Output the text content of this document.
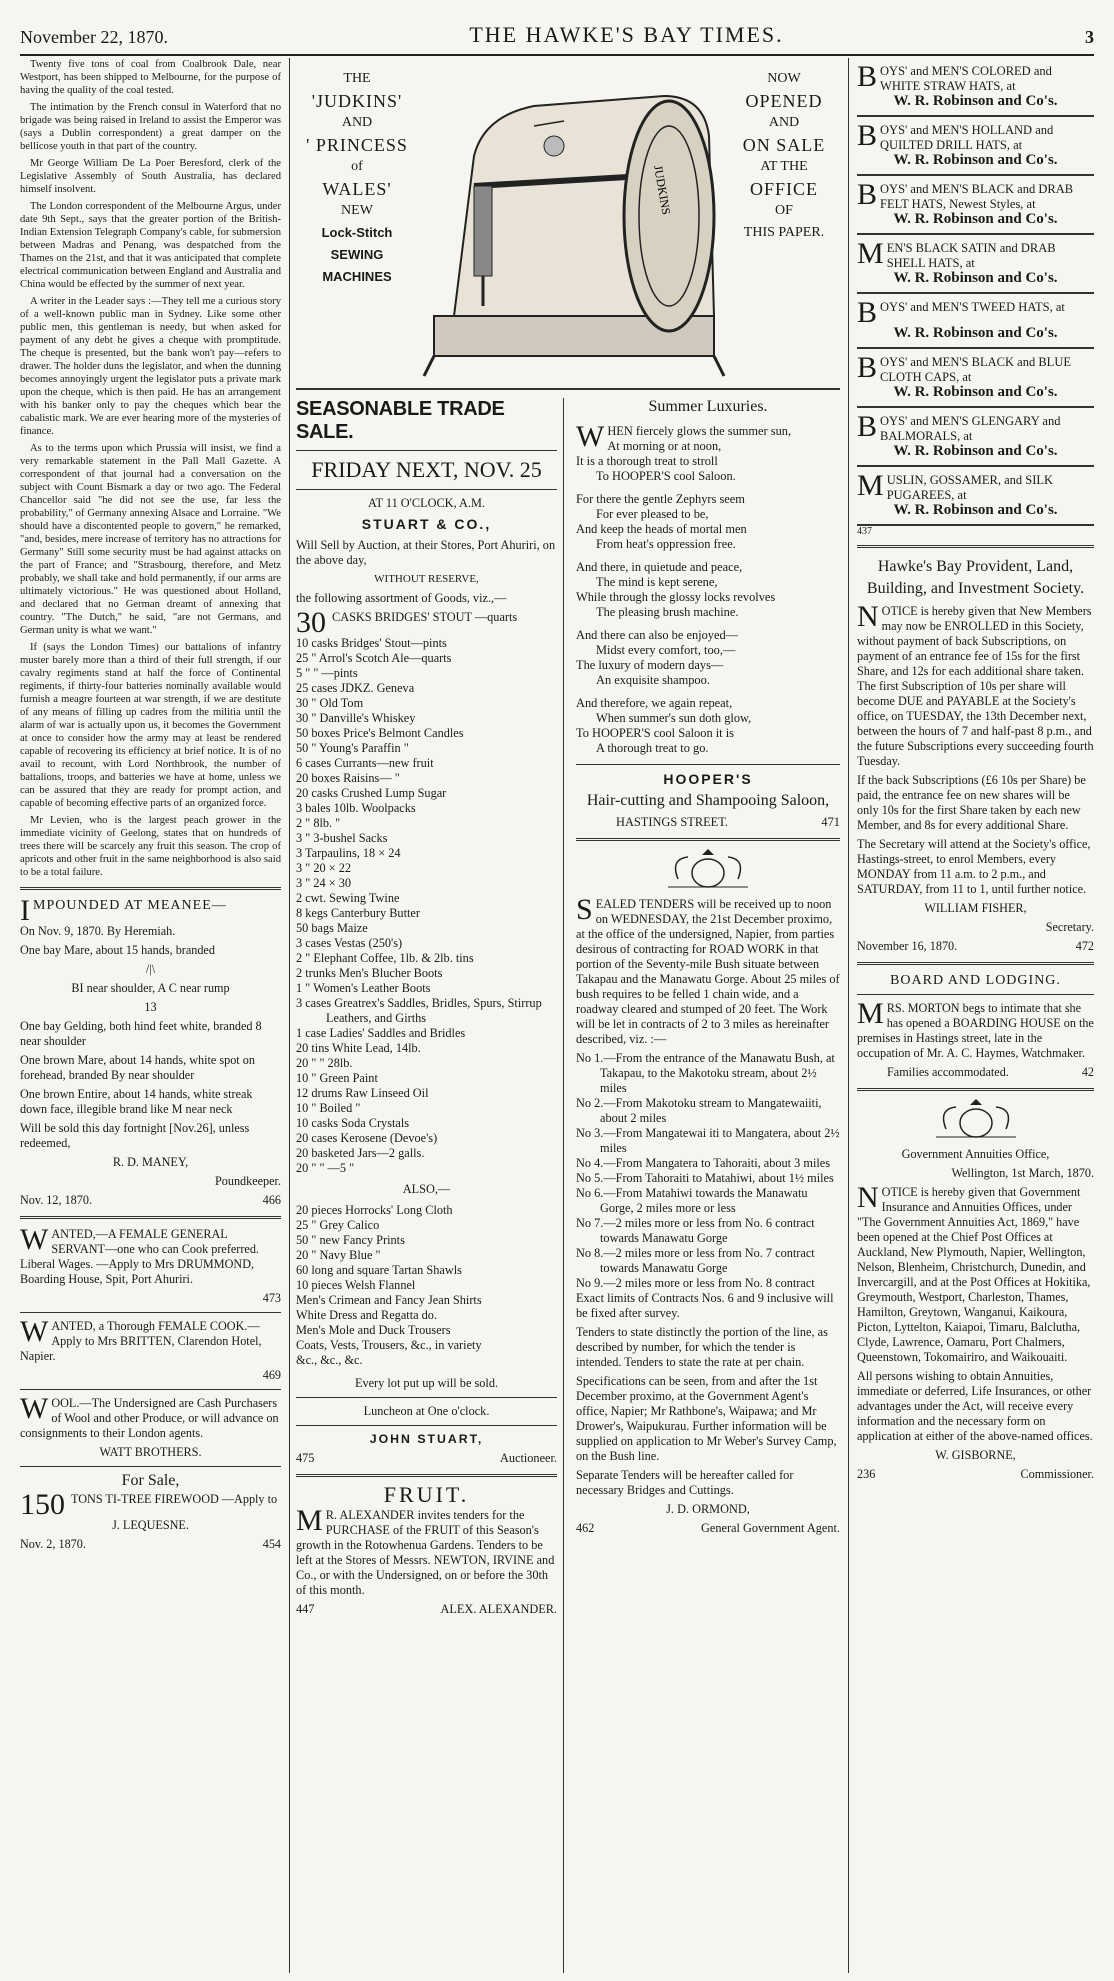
November 22, 1870.	THE HAWKE'S BAY TIMES.	3

Twenty five tons of coal from Coalbrook Dale, near Westport, has been shipped to Melbourne, for the purpose of having the quality of the coal tested.

The intimation by the French consul in Waterford that no brigade was being raised in Ireland to assist the Emperor was (says a Dublin correspondent) a great damper on the bellicose youth in that part of the country.

Mr George William De La Poer Beresford, clerk of the Legislative Assembly of South Australia, has declared himself insolvent.

The London correspondent of the Melbourne Argus, under date 9th Sept., says that the greater portion of the British-Indian Extension Telegraph Company's cable, for submersion between Madras and Penang, was despatched from the Thames on the 21st, and that it was anticipated that complete electrical communication between England and Australia and China would be effected by the summer of next year.

A writer in the Leader says :—They tell me a curious story of a well-known public man in Sydney. Like some other public men, this gentleman is needy, but when asked for payment of any debt he gives a cheque with promptitude. The cheque is presented, but the bank won't pay—refers to drawer. The holder duns the legislator, and when the dunning becomes annoyingly urgent the legislator puts a private mark upon the cheque, which is then paid. He has an arrangement with his banker only to pay the cheques which bear the cabalistic mark. We are ever hearing more of the mysteries of finance.

As to the terms upon which Prussia will insist, we find a very remarkable statement in the Pall Mall Gazette. A correspondent of that journal had a conversation on the subject with Count Bismark a day or two ago. The Federal Chancellor said "he did not see the use, far less the probability," of Germany annexing Alsace and Lorraine. "We should have a discontented people to govern," he remarked, "and, besides, mere increase of territory has no attractions for Germany" Still some security must be had against attacks on the part of France; and "Strasbourg, therefore, and Metz probably, we shall take and hold permanently, if our arms are ultimately victorious." He was questioned about Holland, and declared that no German dreamt of annexing that country. "The Dutch," he said, "are not Germans, and German unity is what we want."

If (says the London Times) our battalions of infantry muster barely more than a third of their full strength, if our cavalry regiments stand at half the force of Continental regiments, if thirty-four batteries nominally available would furnish a meagre fourteen at war strength, if we are destitute of any means of filling up cadres from the militia until the alarm of war is actually upon us, it becomes the Government at once to consider how the army may at least be rendered capable of recovering its efficiency at brief notice. It is of no avail to recount, with Lord Northbrook, the number of battalions, troops, and batteries we have at home, unless we can be assured that they are ready for prompt action, and capable of becoming effective parts of an organized force.

Mr Levien, who is the largest peach grower in the immediate vicinity of Geelong, states that on hundreds of trees there will be scarcely any fruit this season. The crop of apricots and other fruit in the same neighborhood is also said to be a total failure.

IMPOUNDED AT MEANEE—

On Nov. 9, 1870. By Heremiah.

One bay Mare, about 15 hands, branded

/|\

BI near shoulder, A C near rump

13

One bay Gelding, both hind feet white, branded 8 near shoulder

One brown Mare, about 14 hands, white spot on forehead, branded By near shoulder

One brown Entire, about 14 hands, white streak down face, illegible brand like M near neck

Will be sold this day fortnight [Nov.26], unless redeemed,

R. D. MANEY,

Poundkeeper.

Nov. 12, 1870.	466

WANTED,—A FEMALE GENERAL SERVANT—one who can Cook preferred. Liberal Wages. —Apply to Mrs DRUMMOND, Boarding House, Spit, Port Ahuriri.

473

WANTED, a Thorough FEMALE COOK.—Apply to Mrs BRITTEN, Clarendon Hotel, Napier.

469

WOOL.—The Undersigned are Cash Purchasers of Wool and other Produce, or will advance on consignments to their London agents.

WATT BROTHERS.

For Sale,

150 TONS TI-TREE FIREWOOD —Apply to

J. LEQUESNE.

Nov. 2, 1870.	454
THE
'JUDKINS'
AND
' PRINCESS
of
WALES'
NEW
Lock-Stitch
SEWING
MACHINES
JUDKINS
NOW
OPENED
AND
ON SALE
AT THE
OFFICE
OF
THIS PAPER.
SEASONABLE TRADE SALE.
FRIDAY NEXT, NOV. 25

AT 11 O'CLOCK, A.M.

STUART & CO.,

Will Sell by Auction, at their Stores, Port Ahuriri, on the above day,

WITHOUT RESERVE,

the following assortment of Goods, viz.,—

30 CASKS BRIDGES' STOUT —quarts

10 casks Bridges' Stout—pints
25 " Arrol's Scotch Ale—quarts
5 " " —pints
25 cases JDKZ. Geneva
30 " Old Tom
30 " Danville's Whiskey
50 boxes Price's Belmont Candles
50 " Young's Paraffin "
6 cases Currants—new fruit
20 boxes Raisins— "
20 casks Crushed Lump Sugar
3 bales 10lb. Woolpacks
2 " 8lb. "
3 " 3-bushel Sacks
3 Tarpaulins, 18 × 24
3 " 20 × 22
3 " 24 × 30
2 cwt. Sewing Twine
8 kegs Canterbury Butter
50 bags Maize
3 cases Vestas (250's)
2 " Elephant Coffee, 1lb. & 2lb. tins
2 trunks Men's Blucher Boots
1 " Women's Leather Boots
3 cases Greatrex's Saddles, Bridles, Spurs, Stirrup Leathers, and Girths
1 case Ladies' Saddles and Bridles
20 tins White Lead, 14lb.
20 " " 28lb.
10 " Green Paint
12 drums Raw Linseed Oil
10 " Boiled "
10 casks Soda Crystals
20 cases Kerosene (Devoe's)
20 basketed Jars—2 galls.
20 " " —5 "

ALSO,—

20 pieces Horrocks' Long Cloth
25 " Grey Calico
50 " new Fancy Prints
20 " Navy Blue "
60 long and square Tartan Shawls
10 pieces Welsh Flannel
Men's Crimean and Fancy Jean Shirts
White Dress and Regatta do.
Men's Mole and Duck Trousers
Coats, Vests, Trousers, &c., in variety
&c., &c., &c.

Every lot put up will be sold.

Luncheon at One o'clock.

JOHN STUART,

475	Auctioneer.
FRUIT.

M R. ALEXANDER invites tenders for the PURCHASE of the FRUIT of this Season's growth in the Rotowhenua Gardens. Tenders to be left at the Stores of Messrs. NEWTON, IRVINE and Co., or with the Undersigned, on or before the 30th of this month.

447	ALEX. ALEXANDER.

Summer Luxuries.

W HEN fiercely glows the summer sun,
At morning or at noon,
It is a thorough treat to stroll
To HOOPER'S cool Saloon.
For there the gentle Zephyrs seem
For ever pleased to be,
And keep the heads of mortal men
From heat's oppression free.
And there, in quietude and peace,
The mind is kept serene,
While through the glossy locks revolves
The pleasing brush machine.
And there can also be enjoyed—
Midst every comfort, too,—
The luxury of modern days—
An exquisite shampoo.
And therefore, we again repeat,
When summer's sun doth glow,
To HOOPER'S cool Saloon it is
A thorough treat to go.

HOOPER'S

Hair-cutting and Shampooing Saloon,

HASTINGS STREET.	471

SEALED TENDERS will be received up to noon on WEDNESDAY, the 21st December proximo, at the office of the undersigned, Napier, from parties desirous of contracting for ROAD WORK in that portion of the Seventy-mile Bush situate between Takapau and the Manawatu Gorge. About 25 miles of bush requires to be felled 1 chain wide, and a roadway cleared and stumped of 20 feet. The Work will be let in contracts of 2 to 3 miles as hereinafter described, viz. :—

No 1.—From the entrance of the Manawatu Bush, at Takapau, to the Makotoku stream, about 2½ miles
No 2.—From Makotoku stream to Mangatewaiiti, about 2 miles
No 3.—From Mangatewai iti to Mangatera, about 2½ miles
No 4.—From Mangatera to Tahoraiti, about 3 miles
No 5.—From Tahoraiti to Matahiwi, about 1½ miles
No 6.—From Matahiwi towards the Manawatu Gorge, 2 miles more or less
No 7.—2 miles more or less from No. 6 contract towards Manawatu Gorge
No 8.—2 miles more or less from No. 7 contract towards Manawatu Gorge
No 9.—2 miles more or less from No. 8 contract

Exact limits of Contracts Nos. 6 and 9 inclusive will be fixed after survey.

Tenders to state distinctly the portion of the line, as described by number, for which the tender is intended. Tenders to state the rate at per chain.

Specifications can be seen, from and after the 1st December proximo, at the Government Agent's office, Napier; Mr Rathbone's, Waipawa; and Mr Drower's, Waipukurau. Further information will be supplied on application to Mr Weber's Survey Camp, on the Bush line.

Separate Tenders will be hereafter called for necessary Bridges and Cuttings.

J. D. ORMOND,

462	General Government Agent.
BOYS' and MEN'S COLORED and WHITE STRAW HATS, at
W. R. Robinson and Co's.
BOYS' and MEN'S HOLLAND and QUILTED DRILL HATS, at
W. R. Robinson and Co's.
BOYS' and MEN'S BLACK and DRAB FELT HATS, Newest Styles, at
W. R. Robinson and Co's.
MEN'S BLACK SATIN and DRAB SHELL HATS, at
W. R. Robinson and Co's.
BOYS' and MEN'S TWEED HATS, at
W. R. Robinson and Co's.
BOYS' and MEN'S BLACK and BLUE CLOTH CAPS, at
W. R. Robinson and Co's.
BOYS' and MEN'S GLENGARY and BALMORALS, at
W. R. Robinson and Co's.
MUSLIN, GOSSAMER, and SILK PUGAREES, at
W. R. Robinson and Co's.
437

Hawke's Bay Provident, Land, Building, and Investment Society.

NOTICE is hereby given that New Members may now be ENROLLED in this Society, without payment of back Subscriptions, on payment of an entrance fee of 15s for the first Share, and 12s for each additional share taken. The first Subscription of 10s per share will become DUE and PAYABLE at the Society's office, on TUESDAY, the 13th December next, between the hours of 7 and half-past 8 p.m., and the future Subscriptions every succeeding fourth Tuesday.

If the back Subscriptions (£6 10s per Share) be paid, the entrance fee on new shares will be only 10s for the first Share taken by each new Member, and 8s for every additional Share.

The Secretary will attend at the Society's office, Hastings-street, to enrol Members, every MONDAY from 11 a.m. to 2 p.m., and SATURDAY, from 11 to 1, until further notice.

WILLIAM FISHER,

Secretary.

November 16, 1870.	472

BOARD AND LODGING.

MRS. MORTON begs to intimate that she has opened a BOARDING HOUSE on the premises in Hastings street, late in the occupation of Mr. A. C. Haymes, Watchmaker.

Families accommodated.	42

Government Annuities Office,

Wellington, 1st March, 1870.

NOTICE is hereby given that Government Insurance and Annuities Offices, under "The Government Annuities Act, 1869," have been opened at the Chief Post Offices at Auckland, New Plymouth, Napier, Wellington, Nelson, Blenheim, Christchurch, Dunedin, and Invercargill, and at the Post Offices at Hokitika, Greymouth, Westport, Charleston, Thames, Hamilton, Greytown, Wanganui, Kaikoura, Picton, Lyttelton, Kaiapoi, Timaru, Balclutha, Clyde, Lawrence, Oamaru, Port Chalmers, Queenstown, Tokomairiro, and Waikouaiti.

All persons wishing to obtain Annuities, immediate or deferred, Life Insurances, or other advantages under the Act, will receive every information and the necessary form on application at either of the above-named offices.

W. GISBORNE,

236	Commissioner.
